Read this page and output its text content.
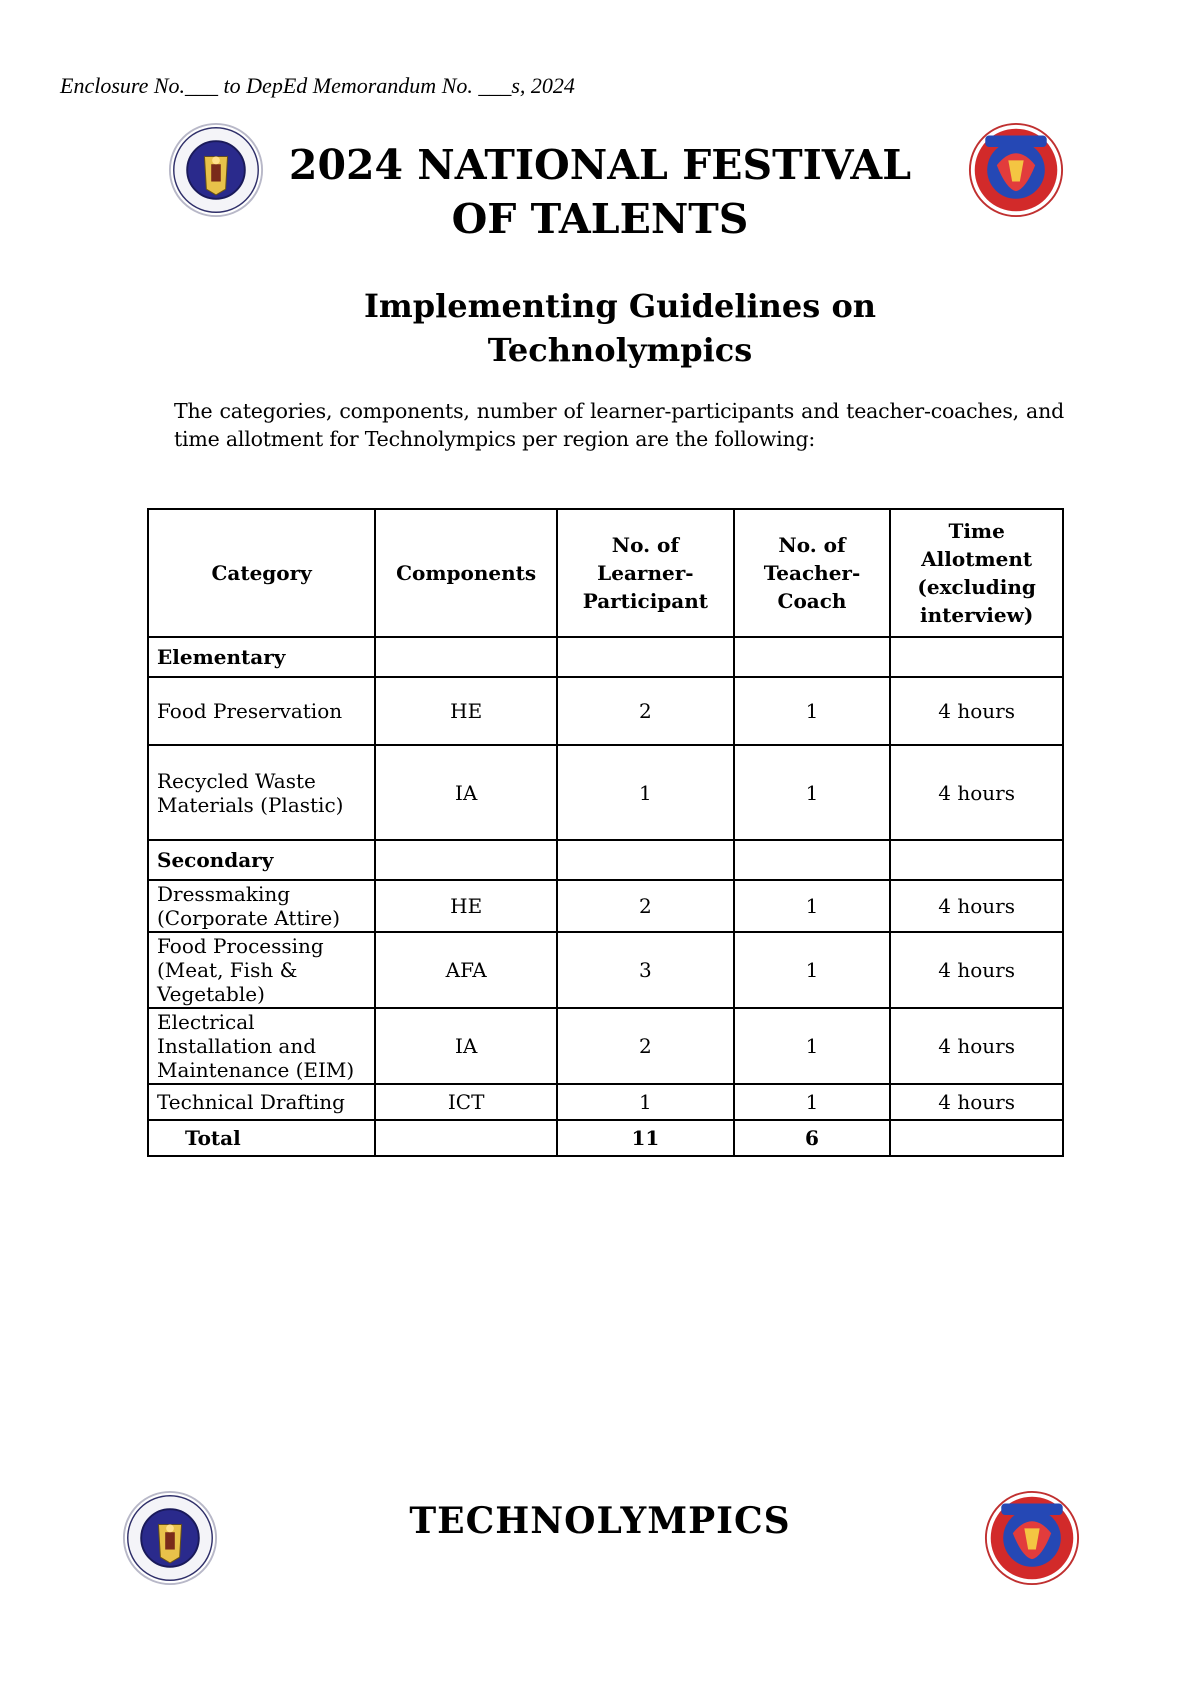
Enclosure No.___ to DepEd Memorandum No. ___s, 2024
2024 NATIONAL FESTIVAL
OF TALENTS
Implementing Guidelines on
Technolympics
The categories, components, number of learner-participants and teacher-coaches, and time allotment for Technolympics per region are the following:
Category	Components	No. of Learner-Participant	No. of Teacher-Coach	Time Allotment (excluding interview)
Elementary				
Food Preservation	HE	2	1	4 hours
Recycled Waste Materials (Plastic)	IA	1	1	4 hours
Secondary				
Dressmaking (Corporate Attire)	HE	2	1	4 hours
Food Processing (Meat, Fish & Vegetable)	AFA	3	1	4 hours
Electrical Installation and Maintenance (EIM)	IA	2	1	4 hours
Technical Drafting	ICT	1	1	4 hours
Total		11	6	
TECHNOLYMPICS
